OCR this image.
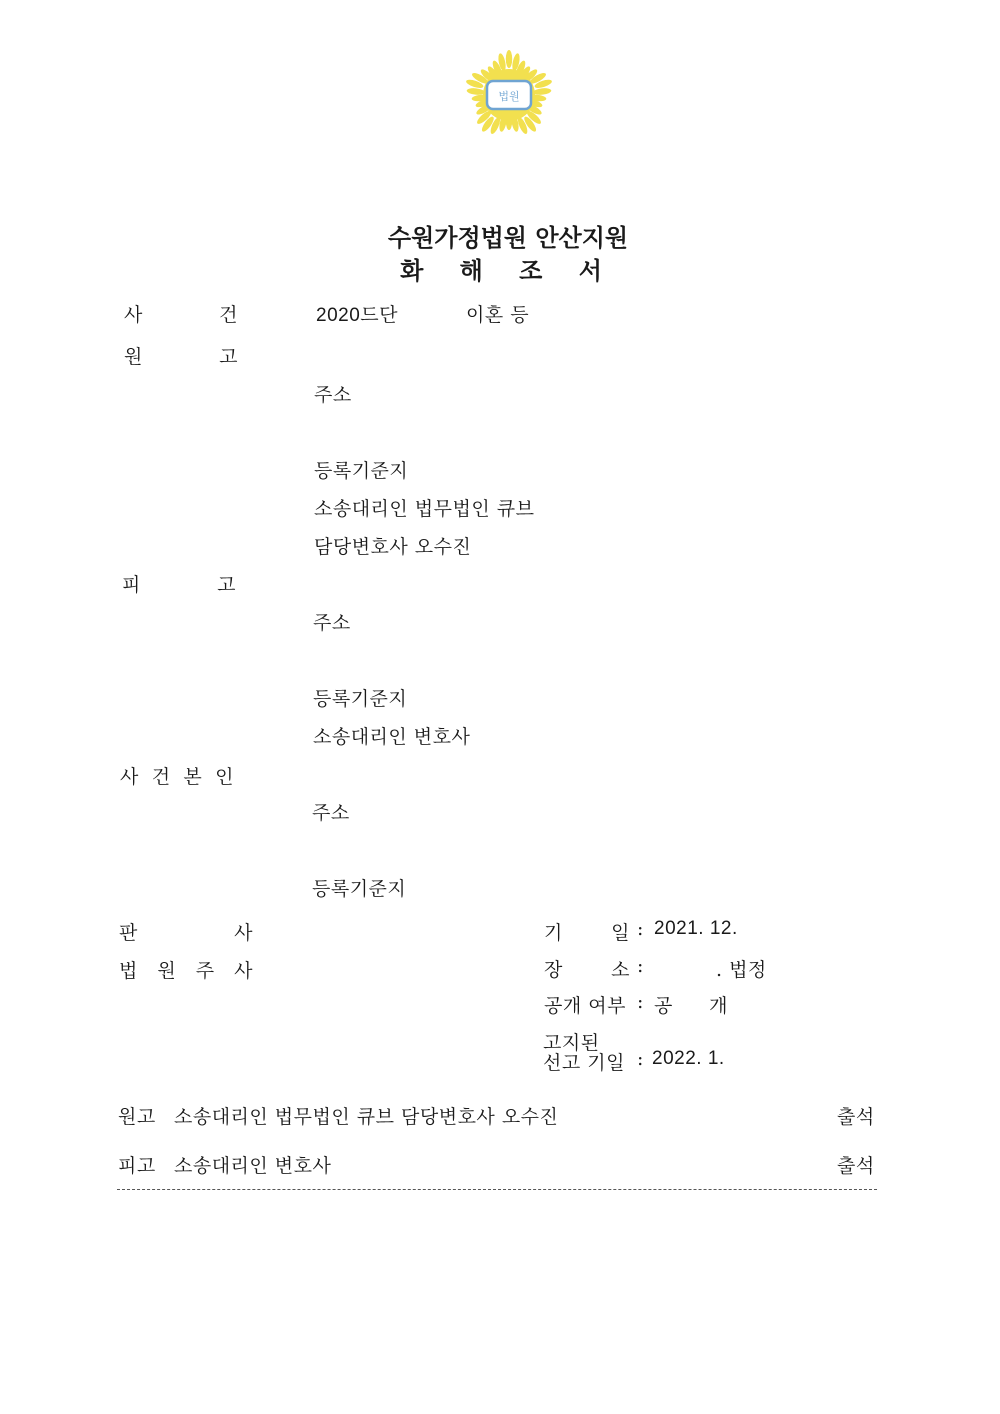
법원
수원가정법원 안산지원
화 해 조 서
사	건	2020드단	이혼 등
원	고
주소
등록기준지
소송대리인 법무법인 큐브
담당변호사 오수진
피	고
주소
등록기준지
소송대리인 변호사
사 건 본 인
주소
등록기준지
판	사
법 원 주 사
기	일 : 2021. 12.
장	소 :	. 법정
공개 여부 : 공 개
고지된
선고 기일 : 2022. 1.
원고 소송대리인 법무법인 큐브 담당변호사 오수진	출석
피고 소송대리인 변호사	출석
